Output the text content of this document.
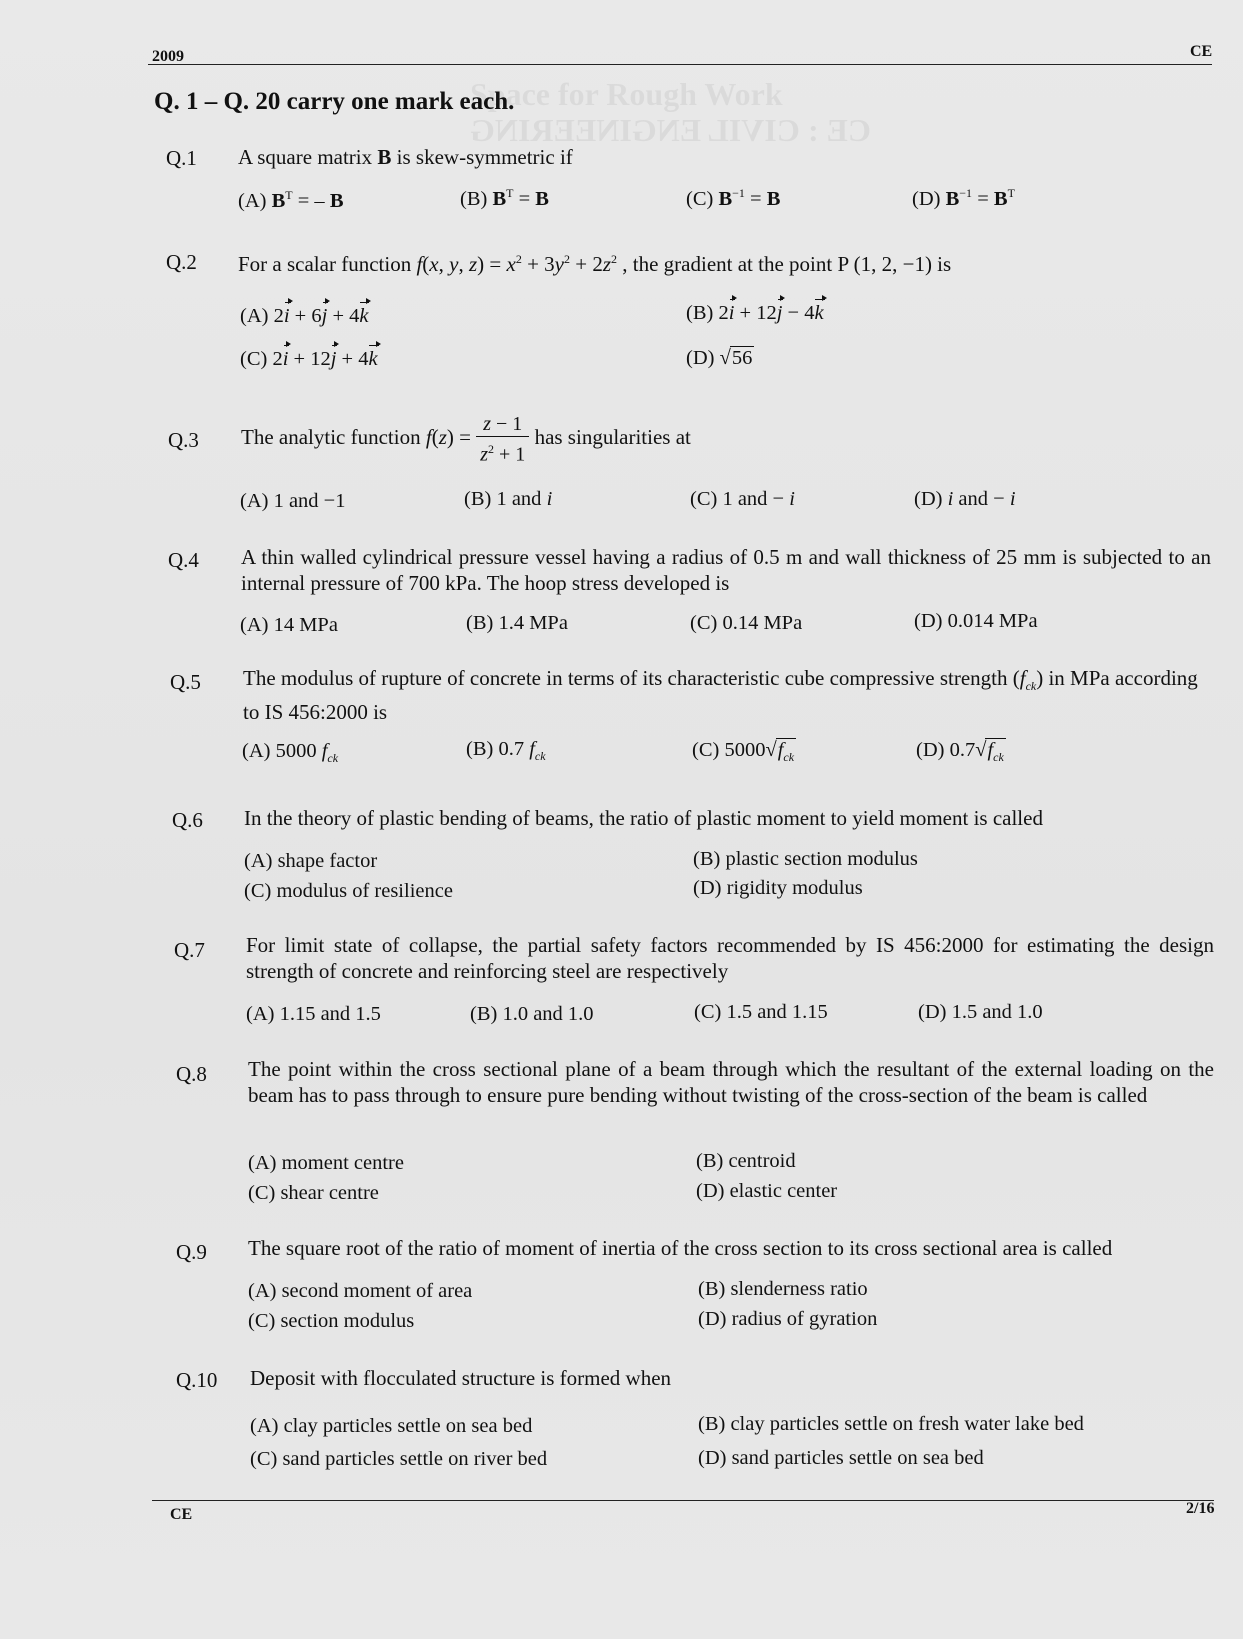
Space for Rough Work
CE : CIVIL ENGINEERING
2009	CE
Q. 1 – Q. 20 carry one mark each.
Q.1 A square matrix B is skew-symmetric if
(A) $B^T$ = – B	(B) $B^T = B$	(C) $B^{-1} = B$	(D) $B^{-1} = B^T$
Q.2 For a scalar function f(x, y, $z) = x^2 + 3y^2 + 2z^2$ , the gradient at the point P (1, 2, −1) is
(A) 2i + 6j + 4k	(B) 2i + 12j − 4k
(C) 2i + 12j + 4k	(D) √56
Q.3 The analytic function $f(z) = \frac{z - 1}{z^2 + 1}$ has singularities at
(A) 1 and −1	(B) 1 and i	(C) 1 and − i	(D) i and − i
Q.4 A thin walled cylindrical pressure vessel having a radius of 0.5 m and wall thickness of 25 mm is subjected to an internal pressure of 700 kPa. The hoop stress developed is
(A) 14 MPa	(B) 1.4 MPa	(C) 0.14 MPa	(D) 0.014 MPa
Q.5 The modulus of rupture of concrete in terms of its characteristic cube compressive strength $(f_{ck})$ in MPa according to IS 456:2000 is
(A) 5000 $f_{ck}$	(B) 0.7 $f_{ck}$	(C) $5000√f_{ck}$	(D) $0.7√f_{ck}$
Q.6 In the theory of plastic bending of beams, the ratio of plastic moment to yield moment is called
(A) shape factor	(B) plastic section modulus
(C) modulus of resilience	(D) rigidity modulus
Q.7 For limit state of collapse, the partial safety factors recommended by IS 456:2000 for estimating the design strength of concrete and reinforcing steel are respectively
(A) 1.15 and 1.5	(B) 1.0 and 1.0	(C) 1.5 and 1.15	(D) 1.5 and 1.0
Q.8 The point within the cross sectional plane of a beam through which the resultant of the external loading on the beam has to pass through to ensure pure bending without twisting of the cross-section of the beam is called
(A) moment centre	(B) centroid
(C) shear centre	(D) elastic center
Q.9 The square root of the ratio of moment of inertia of the cross section to its cross sectional area is called
(A) second moment of area	(B) slenderness ratio
(C) section modulus	(D) radius of gyration
Q.10 Deposit with flocculated structure is formed when
(A) clay particles settle on sea bed	(B) clay particles settle on fresh water lake bed
(C) sand particles settle on river bed	(D) sand particles settle on sea bed
CE	2/16
